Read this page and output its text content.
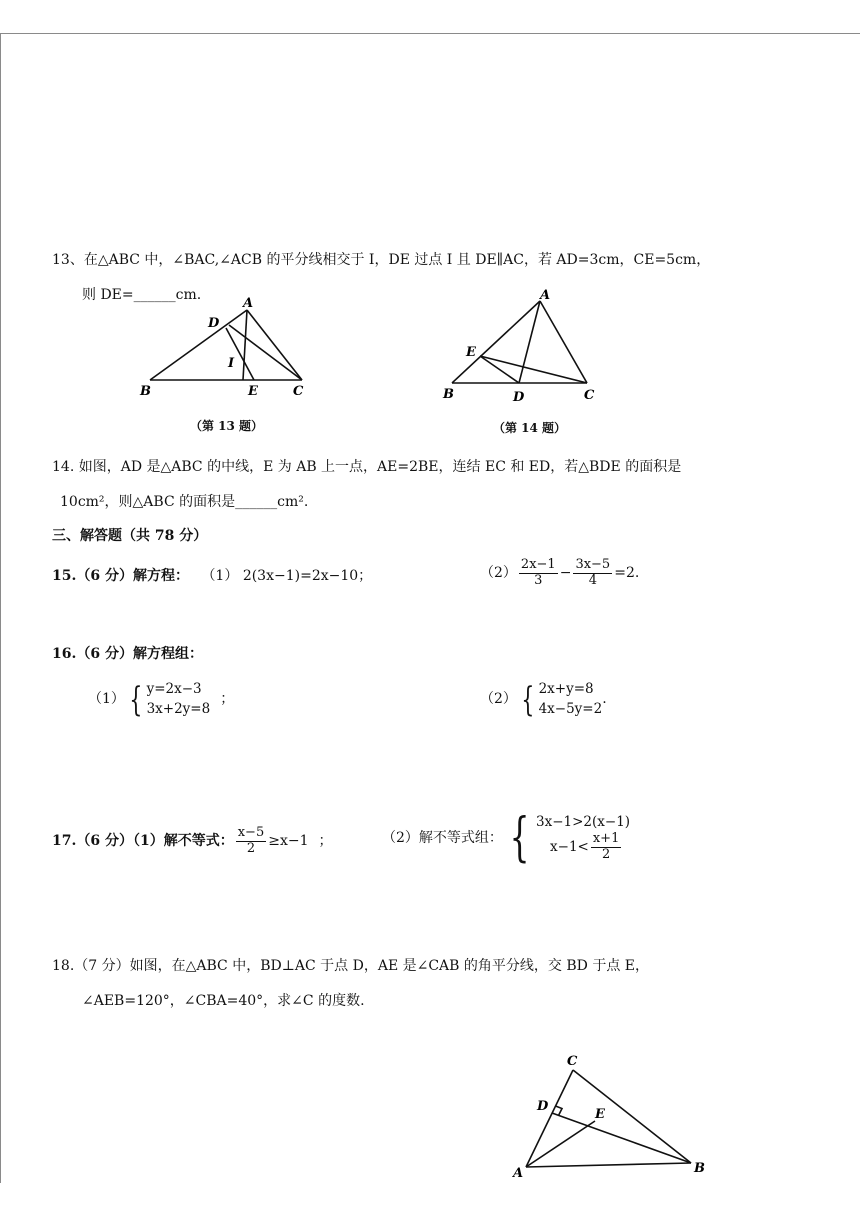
13、在△ABC 中，∠BAC,∠ACB 的平分线相交于 I，DE 过点 I 且 DE∥AC，若 AD=3cm，CE=5cm，
则 DE=______cm.
A
D
I
B	E	C
（第 13 题）
A
E
B	D	C
（第 14 题）
14. 如图，AD 是△ABC 的中线，E 为 AB 上一点，AE=2BE，连结 EC 和 ED，若△BDE 的面积是
10cm²，则△ABC 的面积是______cm².
三、解答题（共 78 分）
15.（6 分）解方程： （1） 2(3x−1)=2x−10；	$(2) \frac{2x-1}{3} - \frac{3x-5}{4} =2$.
16.（6 分）解方程组：
（1） { y=2x−3
3x+2y=8
；	（2） { 2x+y=8
4x−5y=2
.
17.（6 分）（1）解不等式： $\frac{x-5}{2} \ge x-1$ ；	（2）解不等式组： { 3x−1>2(x−1)
$x-1< \frac{x+1}{2}$
18.（7 分）如图，在△ABC 中，BD⊥AC 于点 D，AE 是∠CAB 的角平分线，交 BD 于点 E，
∠AEB=120°，∠CBA=40°，求∠C 的度数.
C
D
E
A	B
